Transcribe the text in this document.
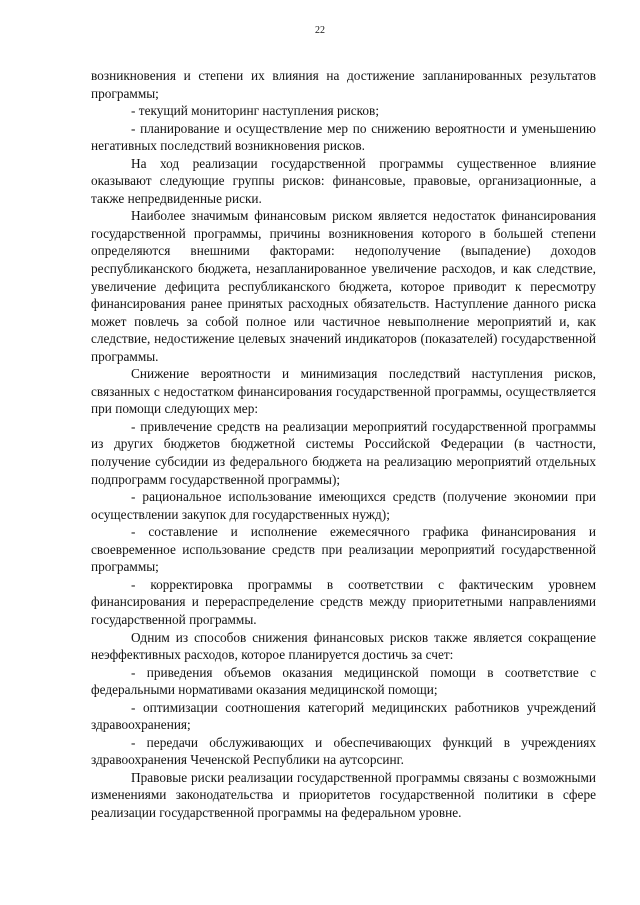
22

возникновения и степени их влияния на достижение запланированных результатов программы;

- текущий мониторинг наступления рисков;

- планирование и осуществление мер по снижению вероятности и уменьшению негативных последствий возникновения рисков.

На ход реализации государственной программы существенное влияние оказывают следующие группы рисков: финансовые, правовые, организационные, а также непредвиденные риски.

Наиболее значимым финансовым риском является недостаток финансирования государственной программы, причины возникновения которого в большей степени определяются внешними факторами: недополучение (выпадение) доходов республиканского бюджета, незапланированное увеличение расходов, и как следствие, увеличение дефицита республиканского бюджета, которое приводит к пересмотру финансирования ранее принятых расходных обязательств. Наступление данного риска может повлечь за собой полное или частичное невыполнение мероприятий и, как следствие, недостижение целевых значений индикаторов (показателей) государственной программы.

Снижение вероятности и минимизация последствий наступления рисков, связанных с недостатком финансирования государственной программы, осуществляется при помощи следующих мер:

- привлечение средств на реализации мероприятий государственной программы из других бюджетов бюджетной системы Российской Федерации (в частности, получение субсидии из федерального бюджета на реализацию мероприятий отдельных подпрограмм государственной программы);

- рациональное использование имеющихся средств (получение экономии при осуществлении закупок для государственных нужд);

- составление и исполнение ежемесячного графика финансирования и своевременное использование средств при реализации мероприятий государственной программы;

- корректировка программы в соответствии с фактическим уровнем финансирования и перераспределение средств между приоритетными направлениями государственной программы.

Одним из способов снижения финансовых рисков также является сокращение неэффективных расходов, которое планируется достичь за счет:

- приведения объемов оказания медицинской помощи в соответствие с федеральными нормативами оказания медицинской помощи;

- оптимизации соотношения категорий медицинских работников учреждений здравоохранения;

- передачи обслуживающих и обеспечивающих функций в учреждениях здравоохранения Чеченской Республики на аутсорсинг.

Правовые риски реализации государственной программы связаны с возможными изменениями законодательства и приоритетов государственной политики в сфере реализации государственной программы на федеральном уровне.
